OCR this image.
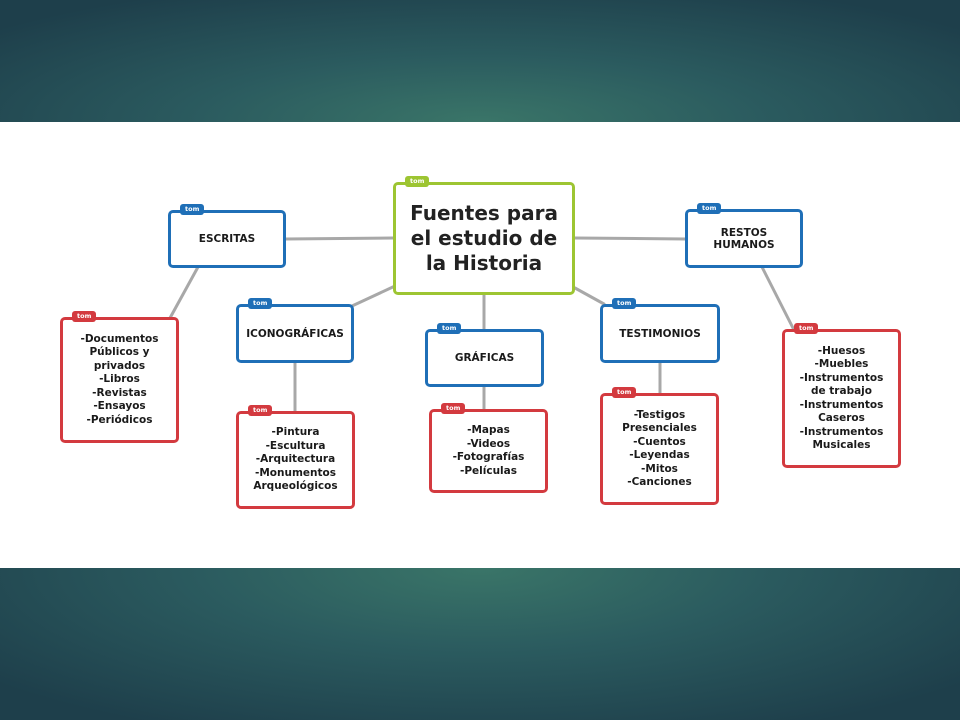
tom
Fuentes para
el estudio de
la Historia
tom
ESCRITAS
tom
RESTOS
HUMANOS
tom
ICONOGRÁFICAS	tom
GRÁFICAS
tom
TESTIMONIOS
tom
-Documentos
Públicos y
privados
-Libros
-Revistas
-Ensayos
-Periódicos
tom
-Pintura
-Escultura
-Arquitectura
-Monumentos
Arqueológicos
tom
-Mapas
-Videos
-Fotografías
-Películas
tom
-Testigos
Presenciales
-Cuentos
-Leyendas
-Mitos
-Canciones
tom
-Huesos
-Muebles
-Instrumentos
de trabajo
-Instrumentos
Caseros
-Instrumentos
Musicales
